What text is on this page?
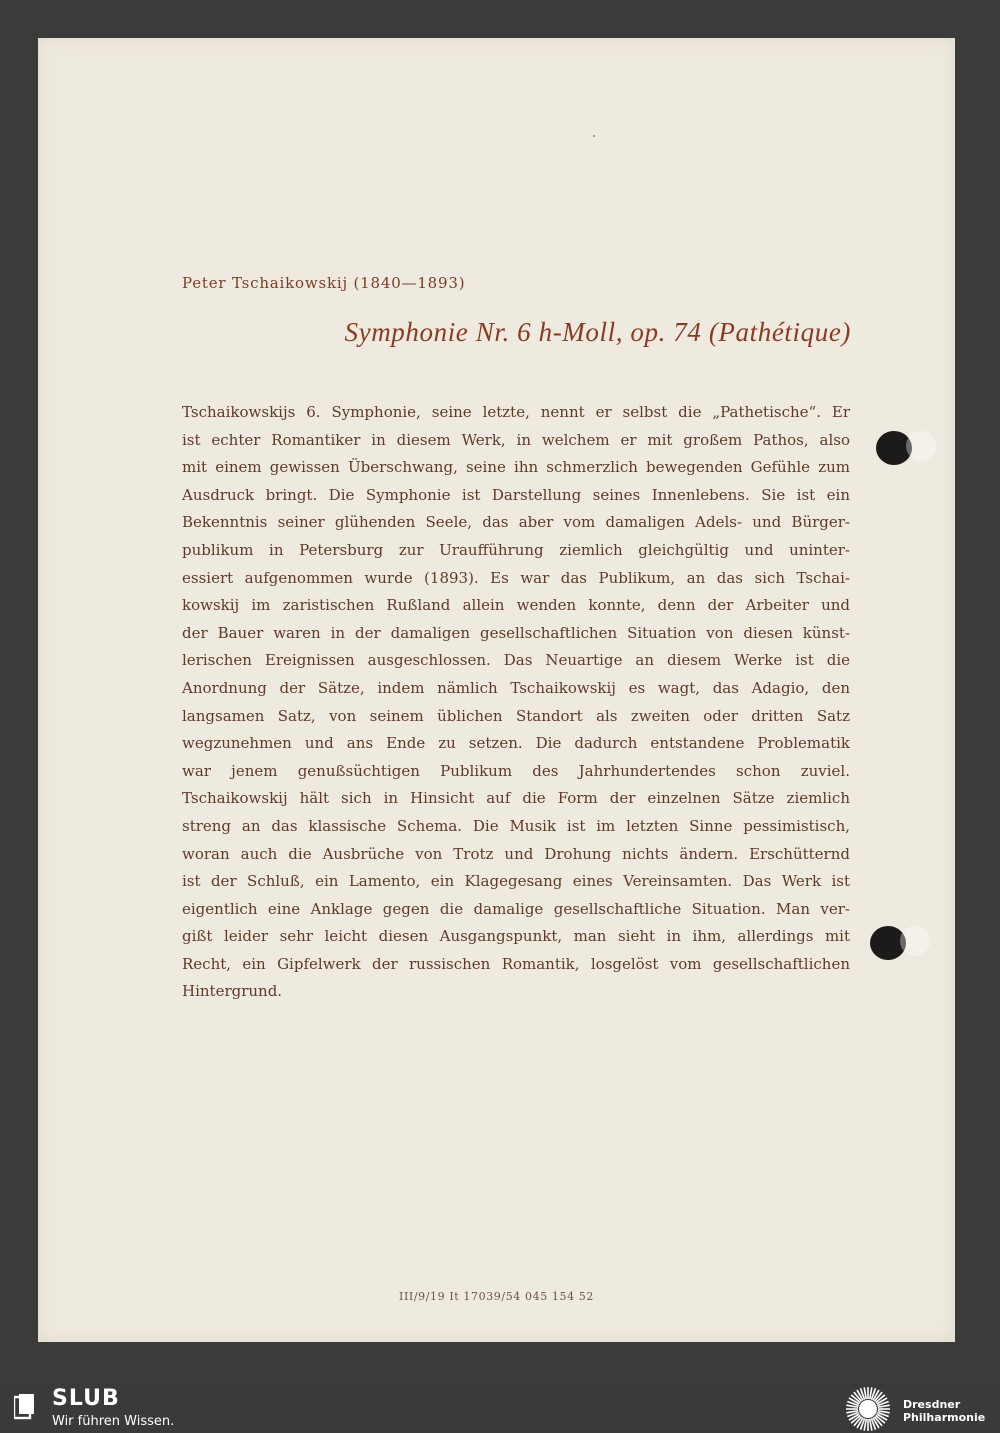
Peter Tschaikowskij (1840—1893)
Symphonie Nr. 6 h-Moll, op. 74 (Pathétique)
Tschaikowskijs 6. Symphonie, seine letzte, nennt er selbst die „Pathetische“. Er
ist echter Romantiker in diesem Werk, in welchem er mit großem Pathos, also
mit einem gewissen Überschwang, seine ihn schmerzlich bewegenden Gefühle zum
Ausdruck bringt. Die Symphonie ist Darstellung seines Innenlebens. Sie ist ein
Bekenntnis seiner glühenden Seele, das aber vom damaligen Adels- und Bürger-
publikum in Petersburg zur Uraufführung ziemlich gleichgültig und uninter-
essiert aufgenommen wurde (1893). Es war das Publikum, an das sich Tschai-
kowskij im zaristischen Rußland allein wenden konnte, denn der Arbeiter und
der Bauer waren in der damaligen gesellschaftlichen Situation von diesen künst-
lerischen Ereignissen ausgeschlossen. Das Neuartige an diesem Werke ist die
Anordnung der Sätze, indem nämlich Tschaikowskij es wagt, das Adagio, den
langsamen Satz, von seinem üblichen Standort als zweiten oder dritten Satz
wegzunehmen und ans Ende zu setzen. Die dadurch entstandene Problematik
war jenem genußsüchtigen Publikum des Jahrhundertendes schon zuviel.
Tschaikowskij hält sich in Hinsicht auf die Form der einzelnen Sätze ziemlich
streng an das klassische Schema. Die Musik ist im letzten Sinne pessimistisch,
woran auch die Ausbrüche von Trotz und Drohung nichts ändern. Erschütternd
ist der Schluß, ein Lamento, ein Klagegesang eines Vereinsamten. Das Werk ist
eigentlich eine Anklage gegen die damalige gesellschaftliche Situation. Man ver-
gißt leider sehr leicht diesen Ausgangspunkt, man sieht in ihm, allerdings mit
Recht, ein Gipfelwerk der russischen Romantik, losgelöst vom gesellschaftlichen
Hintergrund.
III/9/19 It 17039/54 045 154 52
SLUB
Wir führen Wissen.
Dresdner
Philharmonie
